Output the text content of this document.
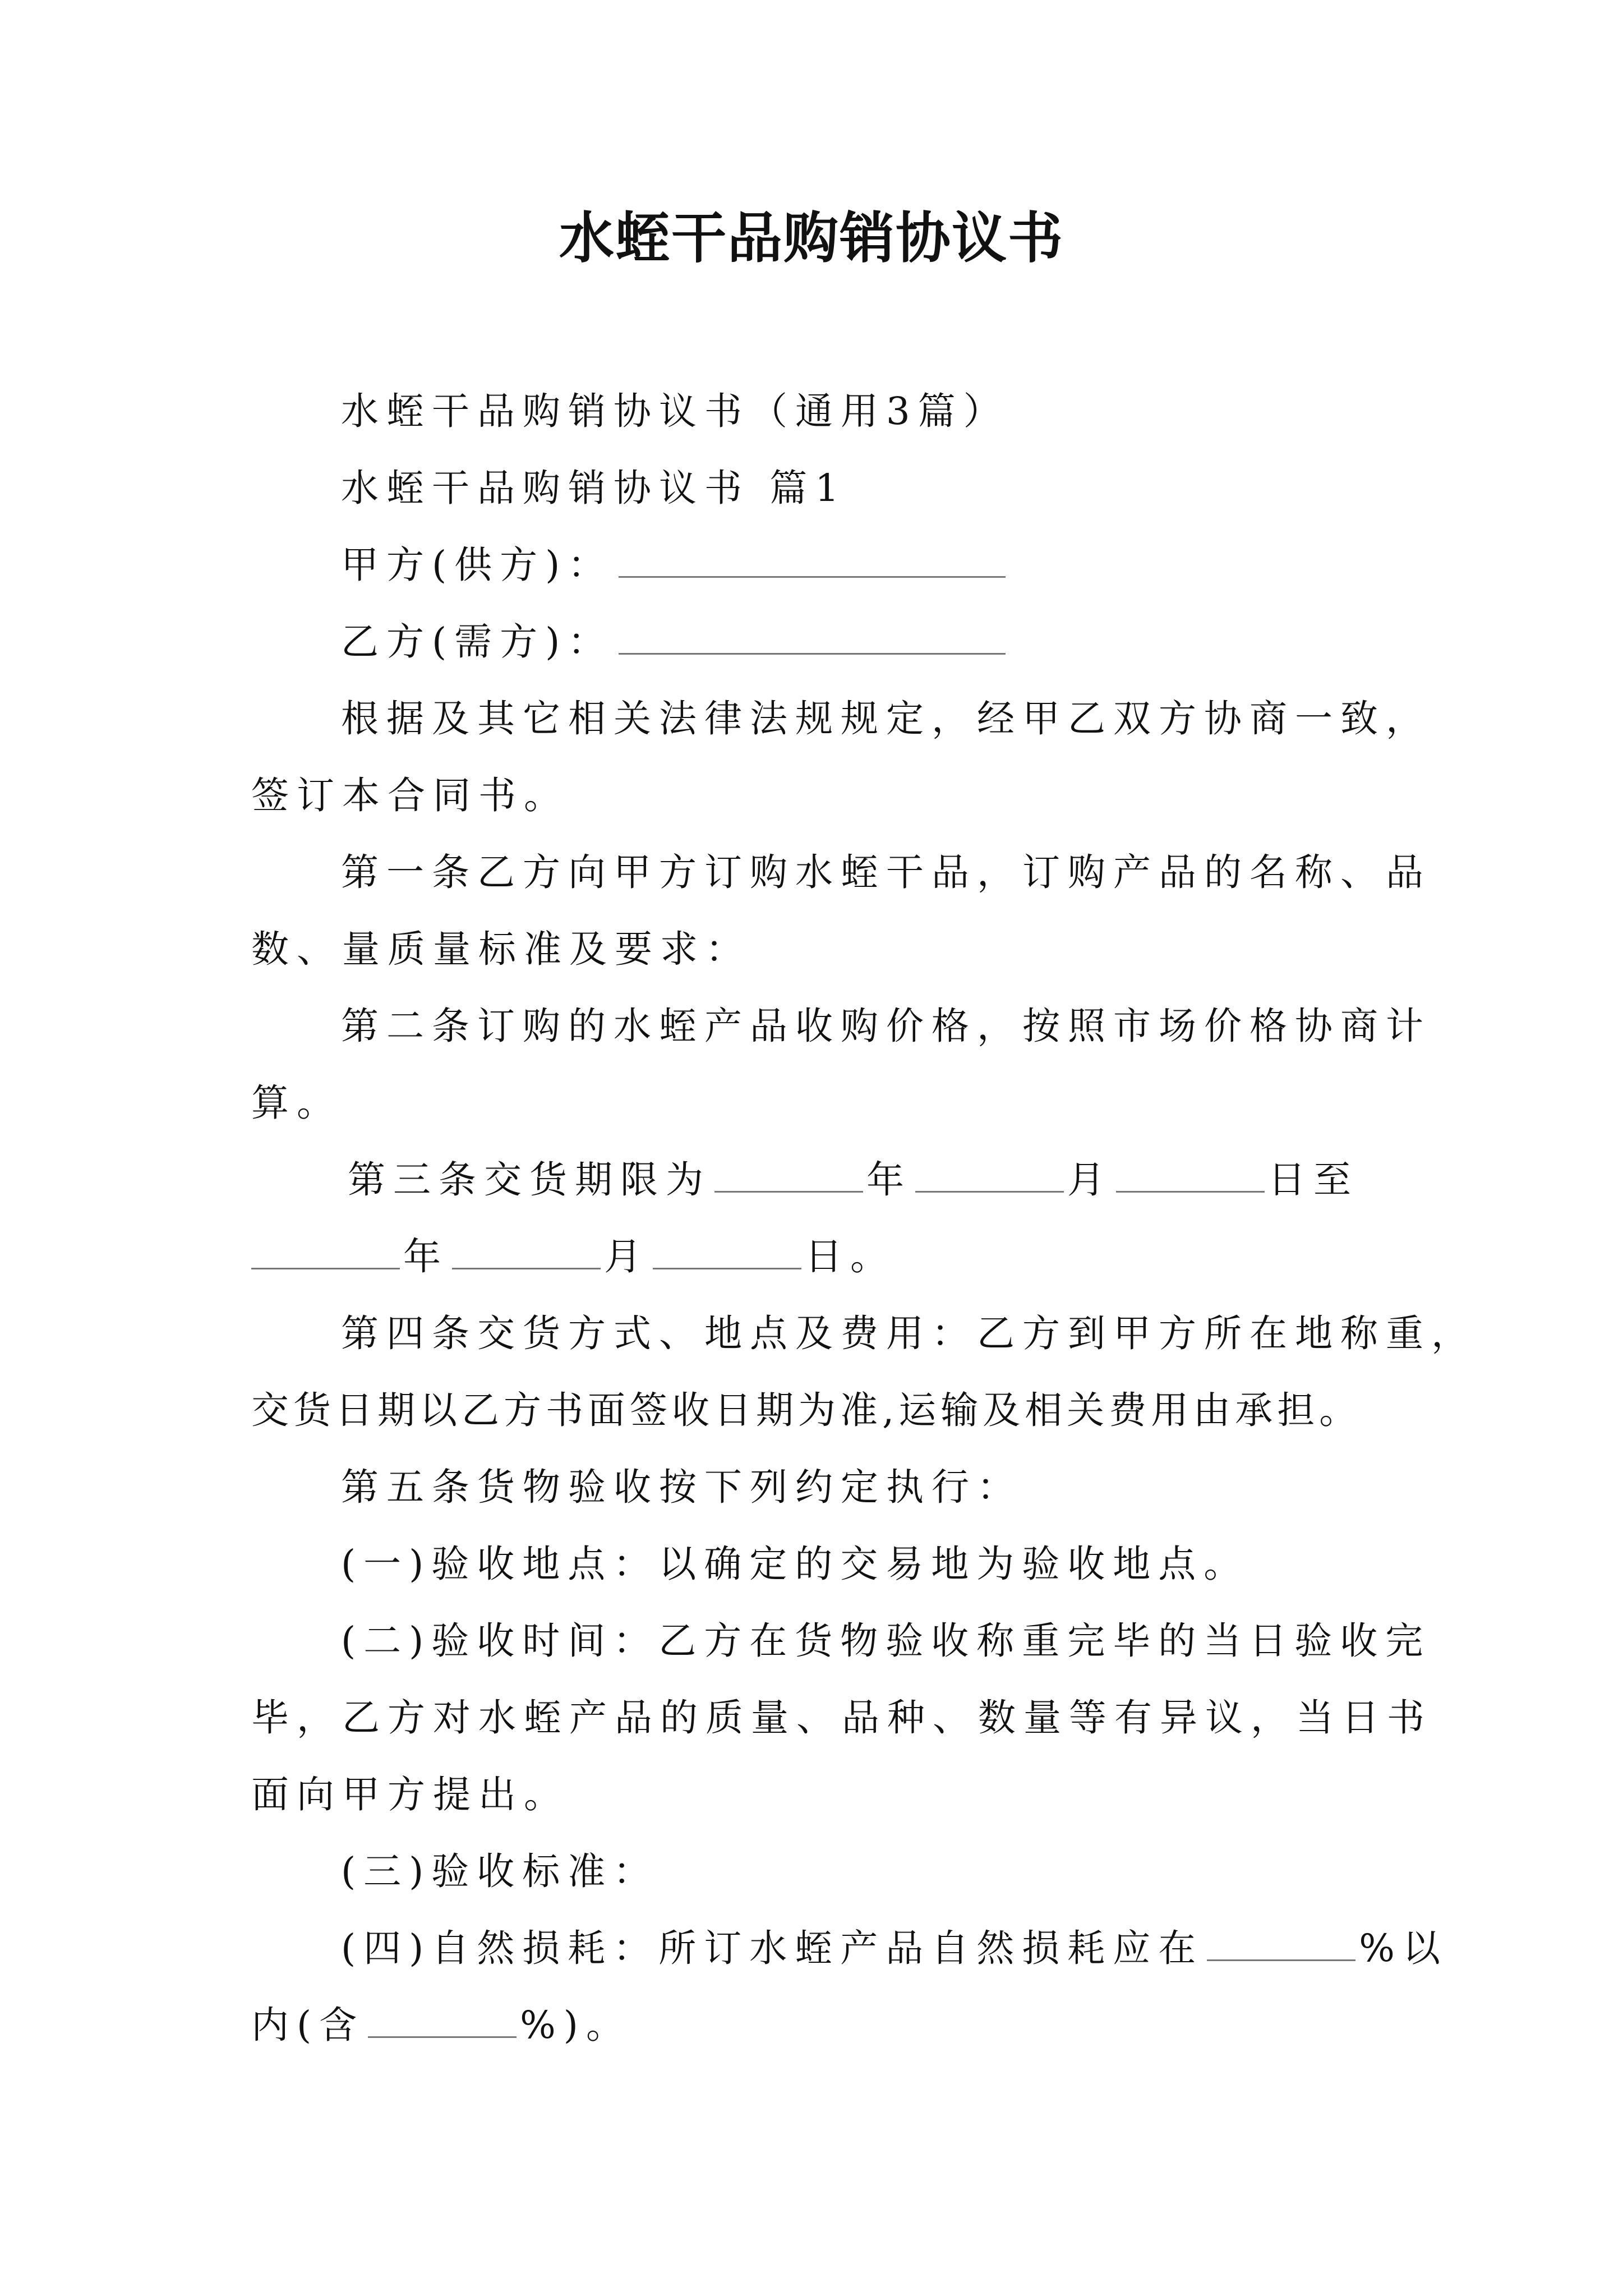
水蛭干品购销协议书
水蛭干品购销协议书（通用3篇）
水蛭干品购销协议书 篇1
甲方(供方)：
乙方(需方)：
根据及其它相关法律法规规定，经甲乙双方协商一致，
签订本合同书。
第一条乙方向甲方订购水蛭干品，订购产品的名称、品
数、量质量标准及要求：
第二条订购的水蛭产品收购价格，按照市场价格协商计
算。
第三条交货期限为	年	月	日至
年	月	日。
第四条交货方式、地点及费用：乙方到甲方所在地称重，
交货日期以乙方书面签收日期为准,运输及相关费用由承担。
第五条货物验收按下列约定执行：
(一)验收地点：以确定的交易地为验收地点。
(二)验收时间：乙方在货物验收称重完毕的当日验收完
毕，乙方对水蛭产品的质量、品种、数量等有异议，当日书
面向甲方提出。
(三)验收标准：
(四)自然损耗：所订水蛭产品自然损耗应在	%以
内(含	%)。
